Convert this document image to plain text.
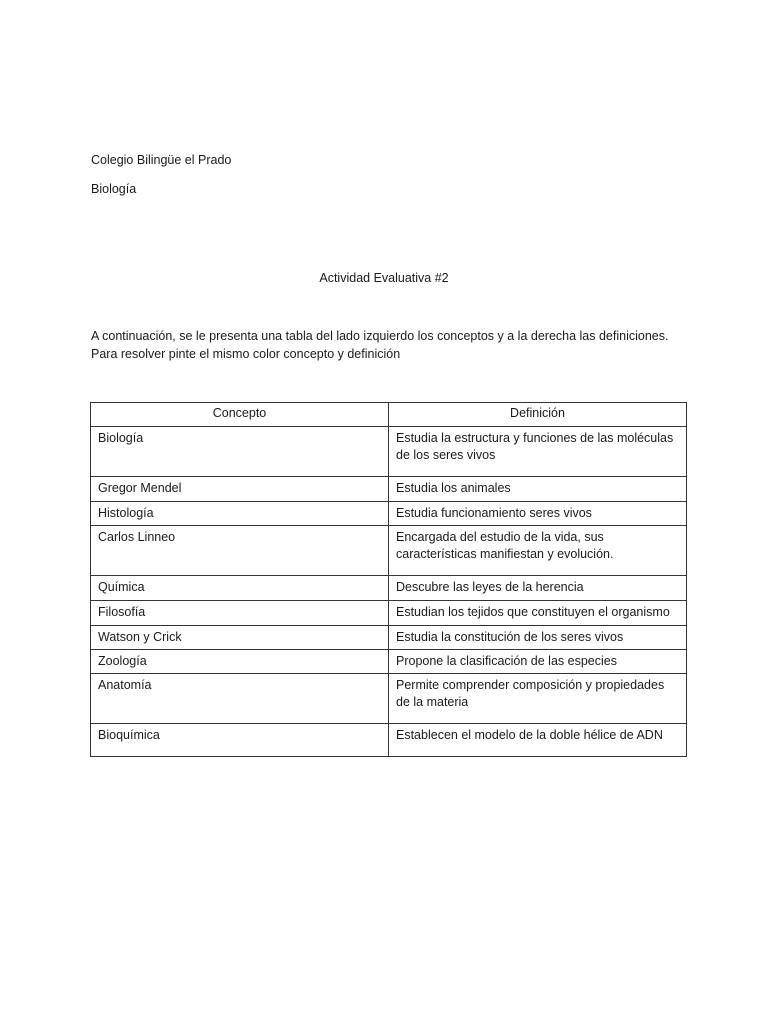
Colegio Bilingüe el Prado
Biología
Actividad Evaluativa #2

A continuación, se le presenta una tabla del lado izquierdo los conceptos y a la derecha las definiciones.

Para resolver pinte el mismo color concepto y definición

Concepto	Definición
Biología	Estudia la estructura y funciones de las moléculas de los seres vivos
Gregor Mendel	Estudia los animales
Histología	Estudia funcionamiento seres vivos
Carlos Linneo	Encargada del estudio de la vida, sus características manifiestan y evolución.
Química	Descubre las leyes de la herencia
Filosofía	Estudian los tejidos que constituyen el organismo
Watson y Crick	Estudia la constitución de los seres vivos
Zoología	Propone la clasificación de las especies
Anatomía	Permite comprender composición y propiedades de la materia
Bioquímica	Establecen el modelo de la doble hélice de ADN
